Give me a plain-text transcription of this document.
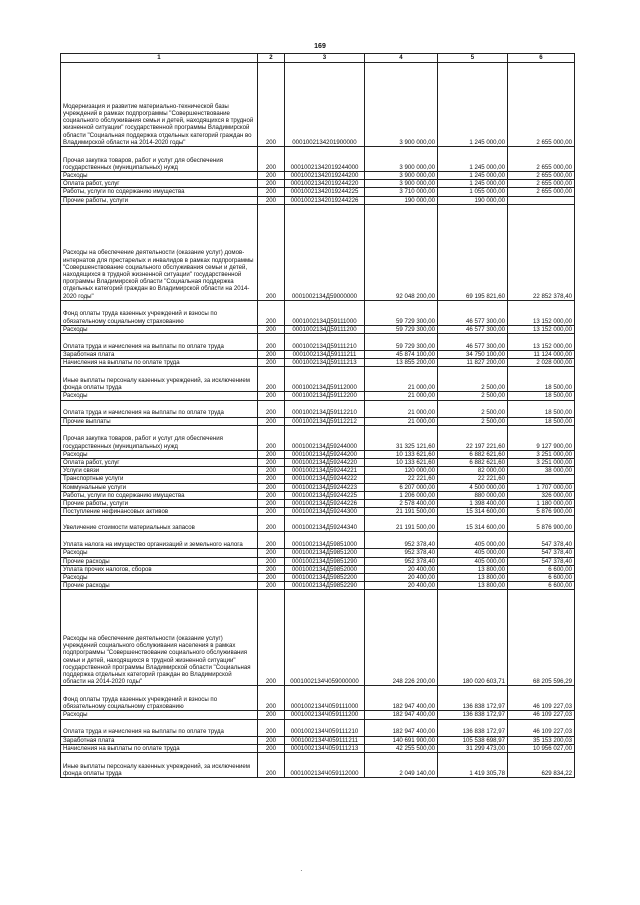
169
1	2	3	4	5	6
Модернизация и развитие материально-технической базы учреждений в рамках подпрограммы "Совершенствование социального обслуживания семьи и детей, находящихся в трудной жизненной ситуации" государственной программы Владимирской области "Социальная поддержка отдельных категорий граждан во Владимирской области на 2014-2020 годы"	200	0001002134201900000	3 900 000,00	1 245 000,00	2 655 000,00
Прочая закупка товаров, работ и услуг для обеспечения государственных (муниципальных) нужд	200	00010021342019244000	3 900 000,00	1 245 000,00	2 655 000,00
Расходы	200	00010021342019244200	3 900 000,00	1 245 000,00	2 655 000,00
Оплата работ, услуг	200	00010021342019244220	3 900 000,00	1 245 000,00	2 655 000,00
Работы, услуги по содержанию имущества	200	00010021342019244225	3 710 000,00	1 055 000,00	2 655 000,00
Прочие работы, услуги	200	00010021342019244226	190 000,00	190 000,00	
Расходы на обеспечение деятельности (оказание услуг) домов-интернатов для престарелых и инвалидов в рамках подпрограммы "Совершенствование социального обслуживания семьи и детей, находящихся в трудной жизненной ситуации" государственной программы Владимирской области "Социальная поддержка отдельных категорий граждан во Владимирской области на 2014-2020 годы"	200	0001002134Д59000000	92 048 200,00	69 195 821,60	22 852 378,40
Фонд оплаты труда казенных учреждений и взносы по обязательному социальному страхованию	200	0001002134Д59111000	59 729 300,00	46 577 300,00	13 152 000,00
Расходы	200	0001002134Д59111200	59 729 300,00	46 577 300,00	13 152 000,00
Оплата труда и начисления на выплаты по оплате труда	200	0001002134Д59111210	59 729 300,00	46 577 300,00	13 152 000,00
Заработная плата	200	0001002134Д59111211	45 874 100,00	34 750 100,00	11 124 000,00
Начисления на выплаты по оплате труда	200	0001002134Д59111213	13 855 200,00	11 827 200,00	2 028 000,00
Иные выплаты персоналу казенных учреждений, за исключением фонда оплаты труда	200	0001002134Д59112000	21 000,00	2 500,00	18 500,00
Расходы	200	0001002134Д59112200	21 000,00	2 500,00	18 500,00
Оплата труда и начисления на выплаты по оплате труда	200	0001002134Д59112210	21 000,00	2 500,00	18 500,00
Прочие выплаты	200	0001002134Д59112212	21 000,00	2 500,00	18 500,00
Прочая закупка товаров, работ и услуг для обеспечения государственных (муниципальных) нужд	200	0001002134Д59244000	31 325 121,60	22 197 221,60	9 127 900,00
Расходы	200	0001002134Д59244200	10 133 621,60	6 882 621,60	3 251 000,00
Оплата работ, услуг	200	0001002134Д59244220	10 133 621,60	6 882 621,60	3 251 000,00
Услуги связи	200	0001002134Д59244221	120 000,00	82 000,00	38 000,00
Транспортные услуги	200	0001002134Д59244222	22 221,60	22 221,60	
Коммунальные услуги	200	0001002134Д59244223	6 207 000,00	4 500 000,00	1 707 000,00
Работы, услуги по содержанию имущества	200	0001002134Д59244225	1 206 000,00	880 000,00	326 000,00
Прочие работы, услуги	200	0001002134Д59244226	2 578 400,00	1 398 400,00	1 180 000,00
Поступление нефинансовых активов	200	0001002134Д59244300	21 191 500,00	15 314 600,00	5 876 900,00
Увеличение стоимости материальных запасов	200	0001002134Д59244340	21 191 500,00	15 314 600,00	5 876 900,00
Уплата налога на имущество организаций и земельного налога	200	0001002134Д59851000	952 378,40	405 000,00	547 378,40
Расходы	200	0001002134Д59851200	952 378,40	405 000,00	547 378,40
Прочие расходы	200	0001002134Д59851290	952 378,40	405 000,00	547 378,40
Уплата прочих налогов, сборов	200	0001002134Д59852000	20 400,00	13 800,00	6 600,00
Расходы	200	0001002134Д59852200	20 400,00	13 800,00	6 600,00
Прочие расходы	200	0001002134Д59852290	20 400,00	13 800,00	6 600,00
Расходы на обеспечение деятельности (оказание услуг) учреждений социального обслуживания населения в рамках подпрограммы "Совершенствование социального обслуживания семьи и детей, находящихся в трудной жизненной ситуации" государственной программы Владимирской области "Социальная поддержка отдельных категорий граждан во Владимирской области на 2014-2020 годы"	200	0001002134Ч059000000	248 226 200,00	180 020 603,71	68 205 596,29
Фонд оплаты труда казенных учреждений и взносы по обязательному социальному страхованию	200	0001002134Ч059111000	182 947 400,00	136 838 172,97	46 109 227,03
Расходы	200	0001002134Ч059111200	182 947 400,00	136 838 172,97	46 109 227,03
Оплата труда и начисления на выплаты по оплате труда	200	0001002134Ч059111210	182 947 400,00	136 838 172,97	46 109 227,03
Заработная плата	200	0001002134Ч059111211	140 691 900,00	105 538 698,97	35 153 200,03
Начисления на выплаты по оплате труда	200	0001002134Ч059111213	42 255 500,00	31 299 473,00	10 956 027,00
Иные выплаты персоналу казенных учреждений, за исключением фонда оплаты труда	200	0001002134Ч059112000	2 049 140,00	1 419 305,78	629 834,22
·
